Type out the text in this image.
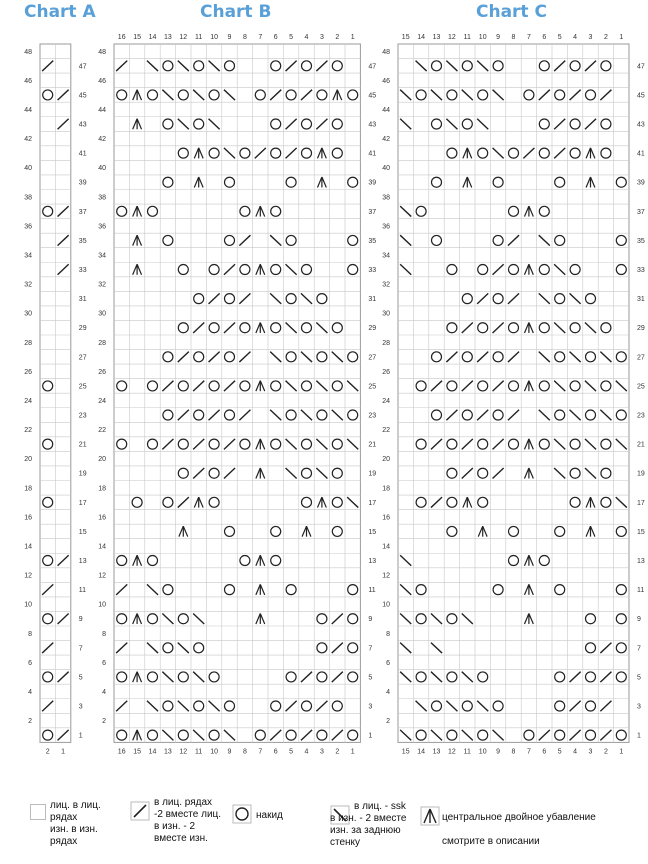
Chart A	Chart B	Chart C
1
2
3
4
5
6
7
8
9
10
11
12
13
14
15
16
17
18
19
20
21
22
23
24
25
26
27
28
29
30
31
32
33
34
35
36
37
38
39
40
41
42
43
44
45
46
47
48
2 1
1
2
3
4
5
6
7
8
9
10
11
12
13
14
15
16
17
18
19
20
21
22
23
24
25
26
27
28
29
30
31
32
33
34
35
36
37
38
39
40
41
42
43
44
45
46
47
48
16
16
15
15
14
14
13
13
12
12
11
11
10
10
9
9
8
8
7
7
6
6
5
5
4
4
3
3
2
2
1
1
1
2
3
4
5
6
7
8
9
10
11
12
13
14
15
16
17
18
19
20
21
22
23
24
25
26
27
28
29
30
31
32
33
34
35
36
37
38
39
40
41
42
43
44
45
46
47
48
15
15
14
14
13
13
12
12
11
11
10
10
9
9
8
8
7
7
6
6
5
5
4
4
3
3
2
2
1
1
лиц. в лиц.
рядах
изн. в изн.
рядах
в лиц. рядах
-2 вместе лиц.
в изн. - 2
вместе изн.
накид
в лиц. - ssk
в изн. - 2 вместе
изн. за заднюю
стенку
центральное двойное убавление

смотрите в описании
